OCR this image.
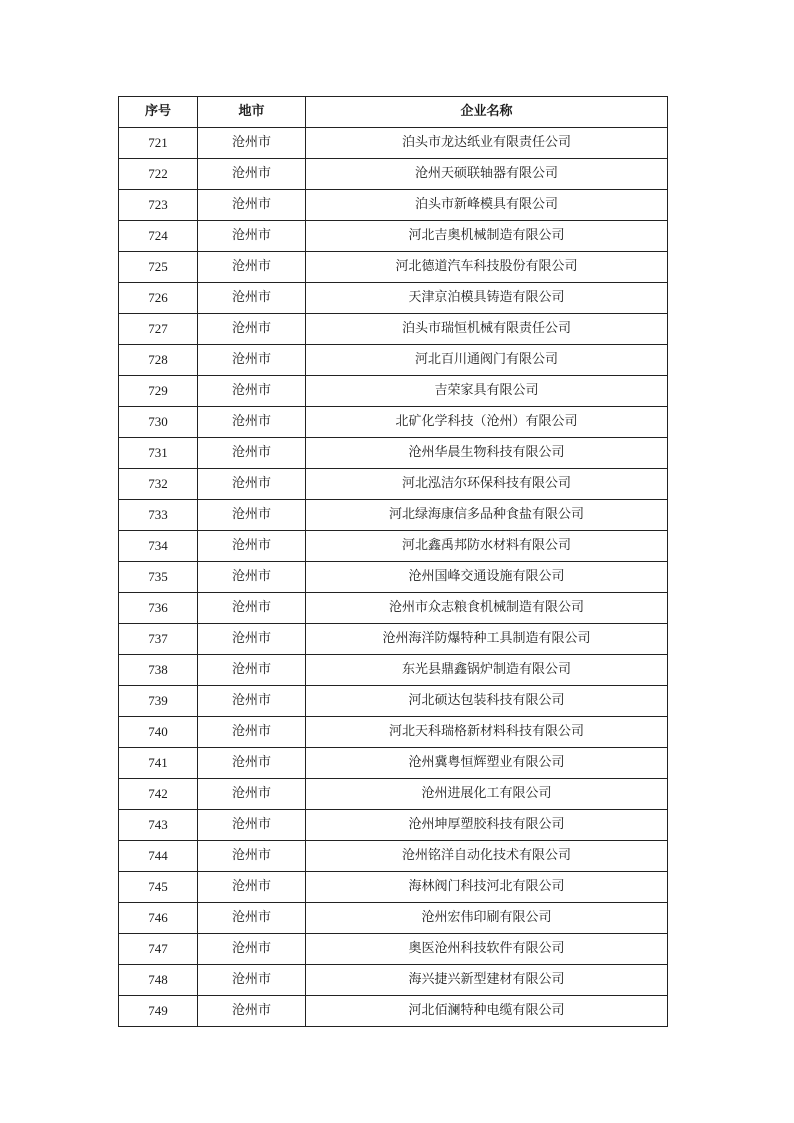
序号	地市	企业名称
721	沧州市	泊头市龙达纸业有限责任公司
722	沧州市	沧州天硕联轴器有限公司
723	沧州市	泊头市新峰模具有限公司
724	沧州市	河北吉奥机械制造有限公司
725	沧州市	河北德道汽车科技股份有限公司
726	沧州市	天津京泊模具铸造有限公司
727	沧州市	泊头市瑞恒机械有限责任公司
728	沧州市	河北百川通阀门有限公司
729	沧州市	吉荣家具有限公司
730	沧州市	北矿化学科技（沧州）有限公司
731	沧州市	沧州华晨生物科技有限公司
732	沧州市	河北泓洁尔环保科技有限公司
733	沧州市	河北绿海康信多品种食盐有限公司
734	沧州市	河北鑫禹邦防水材料有限公司
735	沧州市	沧州国峰交通设施有限公司
736	沧州市	沧州市众志粮食机械制造有限公司
737	沧州市	沧州海洋防爆特种工具制造有限公司
738	沧州市	东光县鼎鑫锅炉制造有限公司
739	沧州市	河北硕达包装科技有限公司
740	沧州市	河北天科瑞格新材料科技有限公司
741	沧州市	沧州冀粤恒辉塑业有限公司
742	沧州市	沧州进展化工有限公司
743	沧州市	沧州坤厚塑胶科技有限公司
744	沧州市	沧州铭洋自动化技术有限公司
745	沧州市	海林阀门科技河北有限公司
746	沧州市	沧州宏伟印刷有限公司
747	沧州市	奥医沧州科技软件有限公司
748	沧州市	海兴捷兴新型建材有限公司
749	沧州市	河北佰澜特种电缆有限公司
